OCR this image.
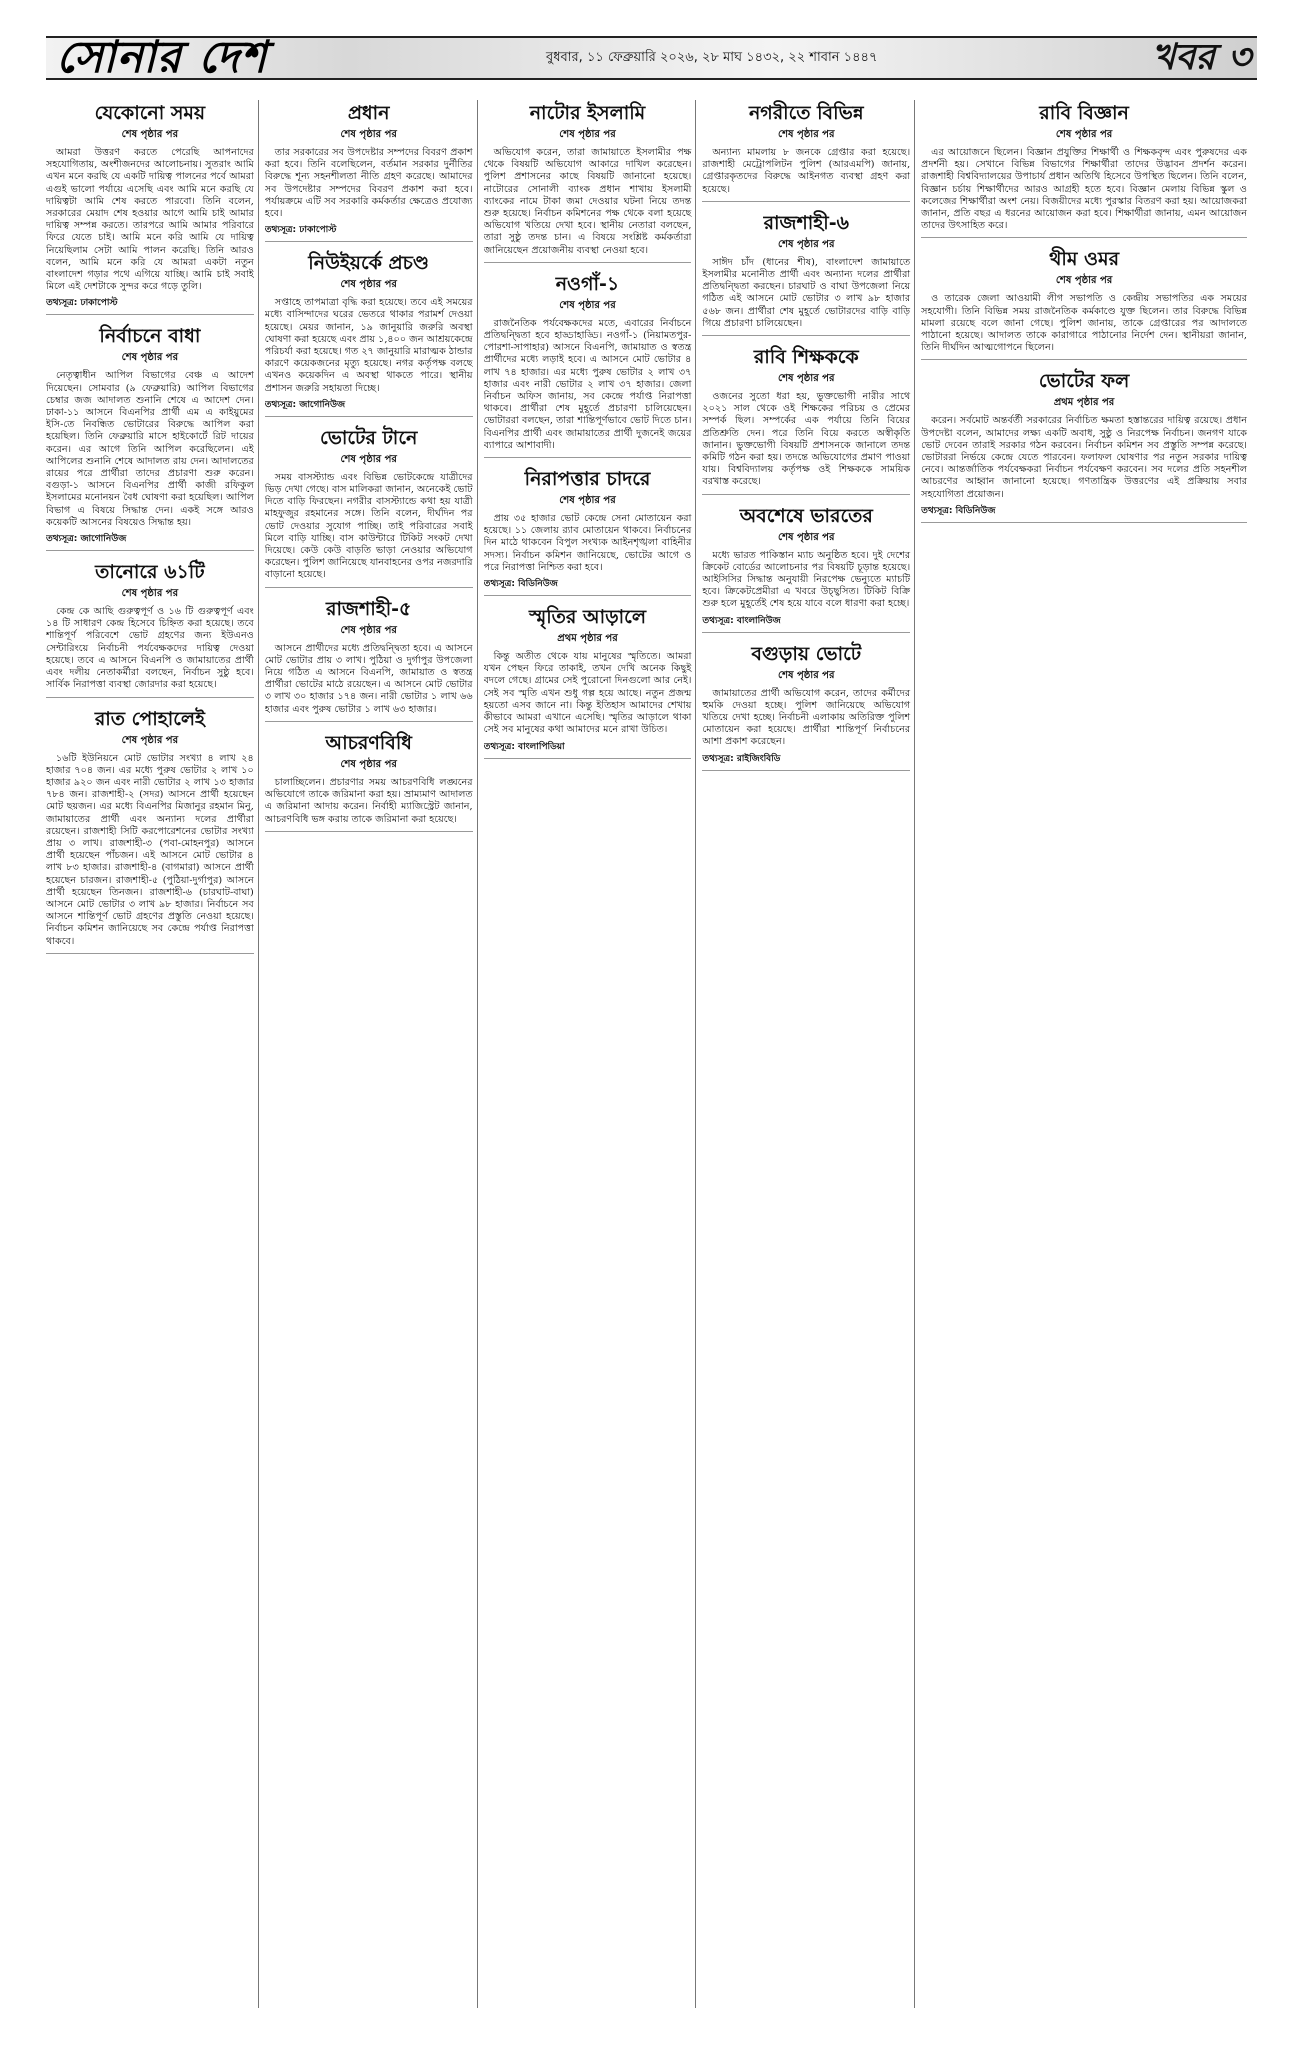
সোনার দেশ	বুধবার, ১১ ফেব্রুয়ারি ২০২৬, ২৮ মাঘ ১৪৩২, ২২ শাবান ১৪৪৭	খবর ৩
যেকোনো সময়
শেষ পৃষ্ঠার পর

আমরা উত্তরণ করতে পেরেছি আপনাদের সহযোগিতায়, অংশীজনদের আলোচনায়। সুতরাং আমি এখন মনে করছি যে একটি দায়িত্ব পালনের পর্বে আমরা এগুই ভালো পর্যায়ে এসেছি এবং আমি মনে করছি যে দায়িত্বটা আমি শেষ করতে পারবো। তিনি বলেন, সরকারের মেয়াদ শেষ হওয়ার আগে আমি চাই আমার দায়িত্ব সম্পন্ন করতে। তারপরে আমি আমার পরিবারে ফিরে যেতে চাই। আমি মনে করি আমি যে দায়িত্ব নিয়েছিলাম সেটা আমি পালন করেছি। তিনি আরও বলেন, আমি মনে করি যে আমরা একটা নতুন বাংলাদেশ গড়ার পথে এগিয়ে যাচ্ছি। আমি চাই সবাই মিলে এই দেশটাকে সুন্দর করে গড়ে তুলি।

তথ্যসূত্র: ঢাকাপোস্ট
নির্বাচনে বাধা
শেষ পৃষ্ঠার পর

নেতৃত্বাধীন আপিল বিভাগের বেঞ্চ এ আদেশ দিয়েছেন। সোমবার (৯ ফেব্রুয়ারি) আপিল বিভাগের চেম্বার জজ আদালত শুনানি শেষে এ আদেশ দেন। ঢাকা-১১ আসনে বিএনপির প্রার্থী এম এ কাইয়ুমের ইসি-তে নিবন্ধিত ভোটারের বিরুদ্ধে আপিল করা হয়েছিল। তিনি ফেব্রুয়ারি মাসে হাইকোর্টে রিট দায়ের করেন। এর আগে তিনি আপিল করেছিলেন। এই আপিলের শুনানি শেষে আদালত রায় দেন। আদালতের রায়ের পরে প্রার্থীরা তাদের প্রচারণা শুরু করেন। বগুড়া-১ আসনে বিএনপির প্রার্থী কাজী রফিকুল ইসলামের মনোনয়ন বৈধ ঘোষণা করা হয়েছিল। আপিল বিভাগ এ বিষয়ে সিদ্ধান্ত দেন। একই সঙ্গে আরও কয়েকটি আসনের বিষয়েও সিদ্ধান্ত হয়।

তথ্যসূত্র: জাগোনিউজ
তানোরে ৬১টি
শেষ পৃষ্ঠার পর

কেন্দ্র কে আছি গুরুত্বপূর্ণ ও ১৬ টি গুরুত্বপূর্ণ এবং ১৪ টি সাধারণ কেন্দ্র হিসেবে চিহ্নিত করা হয়েছে। তবে শান্তিপূর্ণ পরিবেশে ভোট গ্রহণের জন্য ইউএনও সেন্টারিংয়ে নির্বাচনী পর্যবেক্ষকদের দায়িত্ব দেওয়া হয়েছে। তবে এ আসনে বিএনপি ও জামায়াতের প্রার্থী এবং দলীয় নেতাকর্মীরা বলছেন, নির্বাচন সুষ্ঠু হবে। সার্বিক নিরাপত্তা ব্যবস্থা জোরদার করা হয়েছে।

রাত পোহালেই
শেষ পৃষ্ঠার পর

১৬টি ইউনিয়নে মোট ভোটার সংখ্যা ৪ লাখ ২৪ হাজার ৭০৪ জন। এর মধ্যে পুরুষ ভোটার ২ লাখ ১০ হাজার ৯২০ জন এবং নারী ভোটার ২ লাখ ১৩ হাজার ৭৮৪ জন। রাজশাহী-২ (সদর) আসনে প্রার্থী হয়েছেন মোট ছয়জন। এর মধ্যে বিএনপির মিজানুর রহমান মিনু, জামায়াতের প্রার্থী এবং অন্যান্য দলের প্রার্থীরা রয়েছেন। রাজশাহী সিটি করপোরেশনের ভোটার সংখ্যা প্রায় ৩ লাখ। রাজশাহী-৩ (পবা-মোহনপুর) আসনে প্রার্থী হয়েছেন পাঁচজন। এই আসনে মোট ভোটার ৪ লাখ ৮৩ হাজার। রাজশাহী-৪ (বাগমারা) আসনে প্রার্থী হয়েছেন চারজন। রাজশাহী-৫ (পুঠিয়া-দুর্গাপুর) আসনে প্রার্থী হয়েছেন তিনজন। রাজশাহী-৬ (চারঘাট-বাঘা) আসনে মোট ভোটার ৩ লাখ ৯৮ হাজার। নির্বাচনে সব আসনে শান্তিপূর্ণ ভোট গ্রহণের প্রস্তুতি নেওয়া হয়েছে। নির্বাচন কমিশন জানিয়েছে সব কেন্দ্রে পর্যাপ্ত নিরাপত্তা থাকবে।

প্রধান
শেষ পৃষ্ঠার পর

তার সরকারের সব উপদেষ্টার সম্পদের বিবরণ প্রকাশ করা হবে। তিনি বলেছিলেন, বর্তমান সরকার দুর্নীতির বিরুদ্ধে শূন্য সহনশীলতা নীতি গ্রহণ করেছে। আমাদের সব উপদেষ্টার সম্পদের বিবরণ প্রকাশ করা হবে। পর্যায়ক্রমে এটি সব সরকারি কর্মকর্তার ক্ষেত্রেও প্রযোজ্য হবে।

তথ্যসূত্র: ঢাকাপোস্ট
নিউইয়র্কে প্রচণ্ড
শেষ পৃষ্ঠার পর

সপ্তাহে তাপমাত্রা বৃদ্ধি করা হয়েছে। তবে এই সময়ের মধ্যে বাসিন্দাদের ঘরের ভেতরে থাকার পরামর্শ দেওয়া হয়েছে। মেয়র জানান, ১৯ জানুয়ারি জরুরি অবস্থা ঘোষণা করা হয়েছে এবং প্রায় ১,৪০০ জন আশ্রয়কেন্দ্রে পরিচর্যা করা হয়েছে। গত ২৭ জানুয়ারি মারাত্মক ঠান্ডার কারণে কয়েকজনের মৃত্যু হয়েছে। নগর কর্তৃপক্ষ বলছে এখনও কয়েকদিন এ অবস্থা থাকতে পারে। স্থানীয় প্রশাসন জরুরি সহায়তা দিচ্ছে।

তথ্যসূত্র: জাগোনিউজ
ভোটের টানে
শেষ পৃষ্ঠার পর

সময় বাসস্ট্যান্ড এবং বিভিন্ন ভোটকেন্দ্রে যাত্রীদের ভিড় দেখা গেছে। বাস মালিকরা জানান, অনেকেই ভোট দিতে বাড়ি ফিরছেন। নগরীর বাসস্ট্যান্ডে কথা হয় যাত্রী মাহফুজুর রহমানের সঙ্গে। তিনি বলেন, দীর্ঘদিন পর ভোট দেওয়ার সুযোগ পাচ্ছি। তাই পরিবারের সবাই মিলে বাড়ি যাচ্ছি। বাস কাউন্টারে টিকিট সংকট দেখা দিয়েছে। কেউ কেউ বাড়তি ভাড়া নেওয়ার অভিযোগ করেছেন। পুলিশ জানিয়েছে যানবাহনের ওপর নজরদারি বাড়ানো হয়েছে।

রাজশাহী-৫
শেষ পৃষ্ঠার পর

আসনে প্রার্থীদের মধ্যে প্রতিদ্বন্দ্বিতা হবে। এ আসনে মোট ভোটার প্রায় ৩ লাখ। পুঠিয়া ও দুর্গাপুর উপজেলা নিয়ে গঠিত এ আসনে বিএনপি, জামায়াত ও স্বতন্ত্র প্রার্থীরা ভোটের মাঠে রয়েছেন। এ আসনে মোট ভোটার ৩ লাখ ৩০ হাজার ১৭৪ জন। নারী ভোটার ১ লাখ ৬৬ হাজার এবং পুরুষ ভোটার ১ লাখ ৬৩ হাজার।

আচরণবিধি
শেষ পৃষ্ঠার পর

চালাচ্ছিলেন। প্রচারণার সময় আচরণবিধি লঙ্ঘনের অভিযোগে তাকে জরিমানা করা হয়। ভ্রাম্যমাণ আদালত এ জরিমানা আদায় করেন। নির্বাহী ম্যাজিস্ট্রেট জানান, আচরণবিধি ভঙ্গ করায় তাকে জরিমানা করা হয়েছে।

নাটোর ইসলামি
শেষ পৃষ্ঠার পর

অভিযোগ করেন, তারা জামায়াতে ইসলামীর পক্ষ থেকে বিষয়টি অভিযোগ আকারে দাখিল করেছেন। পুলিশ প্রশাসনের কাছে বিষয়টি জানানো হয়েছে। নাটোরের সোনালী ব্যাংক প্রধান শাখায় ইসলামী ব্যাংকের নামে টাকা জমা দেওয়ার ঘটনা নিয়ে তদন্ত শুরু হয়েছে। নির্বাচন কমিশনের পক্ষ থেকে বলা হয়েছে অভিযোগ খতিয়ে দেখা হবে। স্থানীয় নেতারা বলছেন, তারা সুষ্ঠু তদন্ত চান। এ বিষয়ে সংশ্লিষ্ট কর্মকর্তারা জানিয়েছেন প্রয়োজনীয় ব্যবস্থা নেওয়া হবে।

নওগাঁ-১
শেষ পৃষ্ঠার পর

রাজনৈতিক পর্যবেক্ষকদের মতে, এবারের নির্বাচনে প্রতিদ্বন্দ্বিতা হবে হাড্ডাহাড্ডি। নওগাঁ-১ (নিয়ামতপুর-পোরশা-সাপাহার) আসনে বিএনপি, জামায়াত ও স্বতন্ত্র প্রার্থীদের মধ্যে লড়াই হবে। এ আসনে মোট ভোটার ৪ লাখ ৭৪ হাজার। এর মধ্যে পুরুষ ভোটার ২ লাখ ৩৭ হাজার এবং নারী ভোটার ২ লাখ ৩৭ হাজার। জেলা নির্বাচন অফিস জানায়, সব কেন্দ্রে পর্যাপ্ত নিরাপত্তা থাকবে। প্রার্থীরা শেষ মুহূর্তে প্রচারণা চালিয়েছেন। ভোটাররা বলছেন, তারা শান্তিপূর্ণভাবে ভোট দিতে চান। বিএনপির প্রার্থী এবং জামায়াতের প্রার্থী দুজনেই জয়ের ব্যাপারে আশাবাদী।

নিরাপত্তার চাদরে
শেষ পৃষ্ঠার পর

প্রায় ৩৫ হাজার ভোট কেন্দ্রে সেনা মোতায়েন করা হয়েছে। ১১ জেলায় র‍্যাব মোতায়েন থাকবে। নির্বাচনের দিন মাঠে থাকবেন বিপুল সংখ্যক আইনশৃঙ্খলা বাহিনীর সদস্য। নির্বাচন কমিশন জানিয়েছে, ভোটের আগে ও পরে নিরাপত্তা নিশ্চিত করা হবে।

তথ্যসূত্র: বিডিনিউজ
স্মৃতির আড়ালে
প্রথম পৃষ্ঠার পর

কিন্তু অতীত থেকে যায় মানুষের স্মৃতিতে। আমরা যখন পেছন ফিরে তাকাই, তখন দেখি অনেক কিছুই বদলে গেছে। গ্রামের সেই পুরোনো দিনগুলো আর নেই। সেই সব স্মৃতি এখন শুধু গল্প হয়ে আছে। নতুন প্রজন্ম হয়তো এসব জানে না। কিন্তু ইতিহাস আমাদের শেখায় কীভাবে আমরা এখানে এসেছি। স্মৃতির আড়ালে থাকা সেই সব মানুষের কথা আমাদের মনে রাখা উচিত।

তথ্যসূত্র: বাংলাপিডিয়া
নগরীতে বিভিন্ন
শেষ পৃষ্ঠার পর

অন্যান্য মামলায় ৮ জনকে গ্রেপ্তার করা হয়েছে। রাজশাহী মেট্রোপলিটন পুলিশ (আরএমপি) জানায়, গ্রেপ্তারকৃতদের বিরুদ্ধে আইনগত ব্যবস্থা গ্রহণ করা হয়েছে।

রাজশাহী-৬
শেষ পৃষ্ঠার পর

সাঈদ চাঁদ (ধানের শীষ), বাংলাদেশ জামায়াতে ইসলামীর মনোনীত প্রার্থী এবং অন্যান্য দলের প্রার্থীরা প্রতিদ্বন্দ্বিতা করছেন। চারঘাট ও বাঘা উপজেলা নিয়ে গঠিত এই আসনে মোট ভোটার ৩ লাখ ৯৮ হাজার ৫৬৮ জন। প্রার্থীরা শেষ মুহূর্তে ভোটারদের বাড়ি বাড়ি গিয়ে প্রচারণা চালিয়েছেন।

রাবি শিক্ষককে
শেষ পৃষ্ঠার পর

ওজনের সুতো ধরা হয়, ভুক্তভোগী নারীর সাথে ২০২১ সাল থেকে ওই শিক্ষকের পরিচয় ও প্রেমের সম্পর্ক ছিল। সম্পর্কের এক পর্যায়ে তিনি বিয়ের প্রতিশ্রুতি দেন। পরে তিনি বিয়ে করতে অস্বীকৃতি জানান। ভুক্তভোগী বিষয়টি প্রশাসনকে জানালে তদন্ত কমিটি গঠন করা হয়। তদন্তে অভিযোগের প্রমাণ পাওয়া যায়। বিশ্ববিদ্যালয় কর্তৃপক্ষ ওই শিক্ষককে সাময়িক বরখাস্ত করেছে।

অবশেষে ভারতের
শেষ পৃষ্ঠার পর

মধ্যে ভারত পাকিস্তান ম্যাচ অনুষ্ঠিত হবে। দুই দেশের ক্রিকেট বোর্ডের আলোচনার পর বিষয়টি চূড়ান্ত হয়েছে। আইসিসির সিদ্ধান্ত অনুযায়ী নিরপেক্ষ ভেন্যুতে ম্যাচটি হবে। ক্রিকেটপ্রেমীরা এ খবরে উচ্ছ্বসিত। টিকিট বিক্রি শুরু হলে মুহূর্তেই শেষ হয়ে যাবে বলে ধারণা করা হচ্ছে।

তথ্যসূত্র: বাংলানিউজ
বগুড়ায় ভোটে
শেষ পৃষ্ঠার পর

জামায়াতের প্রার্থী অভিযোগ করেন, তাদের কর্মীদের হুমকি দেওয়া হচ্ছে। পুলিশ জানিয়েছে অভিযোগ খতিয়ে দেখা হচ্ছে। নির্বাচনী এলাকায় অতিরিক্ত পুলিশ মোতায়েন করা হয়েছে। প্রার্থীরা শান্তিপূর্ণ নির্বাচনের আশা প্রকাশ করেছেন।

তথ্যসূত্র: রাইজিংবিডি
রাবি বিজ্ঞান
শেষ পৃষ্ঠার পর

এর আয়োজনে ছিলেন। বিজ্ঞান প্রযুক্তির শিক্ষার্থী ও শিক্ষকবৃন্দ এবং পুরুষদের এক প্রদর্শনী হয়। সেখানে বিভিন্ন বিভাগের শিক্ষার্থীরা তাদের উদ্ভাবন প্রদর্শন করেন। রাজশাহী বিশ্ববিদ্যালয়ের উপাচার্য প্রধান অতিথি হিসেবে উপস্থিত ছিলেন। তিনি বলেন, বিজ্ঞান চর্চায় শিক্ষার্থীদের আরও আগ্রহী হতে হবে। বিজ্ঞান মেলায় বিভিন্ন স্কুল ও কলেজের শিক্ষার্থীরা অংশ নেয়। বিজয়ীদের মধ্যে পুরস্কার বিতরণ করা হয়। আয়োজকরা জানান, প্রতি বছর এ ধরনের আয়োজন করা হবে। শিক্ষার্থীরা জানায়, এমন আয়োজন তাদের উৎসাহিত করে।

থীম ওমর
শেষ পৃষ্ঠার পর

ও তারেক জেলা আওয়ামী লীগ সভাপতি ও কেন্দ্রীয় সভাপতির এক সময়ের সহযোগী। তিনি বিভিন্ন সময় রাজনৈতিক কর্মকাণ্ডে যুক্ত ছিলেন। তার বিরুদ্ধে বিভিন্ন মামলা রয়েছে বলে জানা গেছে। পুলিশ জানায়, তাকে গ্রেপ্তারের পর আদালতে পাঠানো হয়েছে। আদালত তাকে কারাগারে পাঠানোর নির্দেশ দেন। স্থানীয়রা জানান, তিনি দীর্ঘদিন আত্মগোপনে ছিলেন।

ভোটের ফল
প্রথম পৃষ্ঠার পর

করেন। সর্বমোট অন্তর্বর্তী সরকারের নির্বাচিত ক্ষমতা হস্তান্তরের দায়িত্ব রয়েছে। প্রধান উপদেষ্টা বলেন, আমাদের লক্ষ্য একটি অবাধ, সুষ্ঠু ও নিরপেক্ষ নির্বাচন। জনগণ যাকে ভোট দেবেন তারাই সরকার গঠন করবেন। নির্বাচন কমিশন সব প্রস্তুতি সম্পন্ন করেছে। ভোটাররা নির্ভয়ে কেন্দ্রে যেতে পারবেন। ফলাফল ঘোষণার পর নতুন সরকার দায়িত্ব নেবে। আন্তর্জাতিক পর্যবেক্ষকরা নির্বাচন পর্যবেক্ষণ করবেন। সব দলের প্রতি সহনশীল আচরণের আহ্বান জানানো হয়েছে। গণতান্ত্রিক উত্তরণের এই প্রক্রিয়ায় সবার সহযোগিতা প্রয়োজন।

তথ্যসূত্র: বিডিনিউজ
